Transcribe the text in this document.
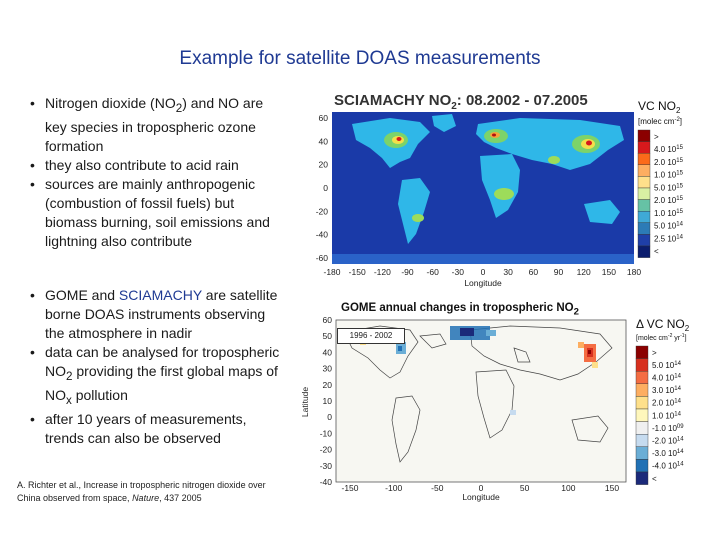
Example for satellite DOAS measurements
• Nitrogen dioxide $(NO_2)$ and NO are key species in tropospheric ozone formation
• they also contribute to acid rain
• sources are mainly anthropogenic (combustion of fossil fuels) but biomass burning, soil emissions and lightning also contribute
• GOME and SCIAMACHY are satellite borne DOAS instruments observing the atmosphere in nadir
• data can be analysed for tropospheric $NO_2$ providing the first global maps of $NO_x$ pollution
• after 10 years of measurements, trends can also be observed
A. Richter et al., Increase in tropospheric nitrogen dioxide over China observed from space, Nature, 437 2005
SCIAMACHY $NO_2$: 08.2002 - 07.2005
60
40
20
0
-20
-40
-60
-180 -150 -120 -90 -60 -30 0 30 60 90 120 150 180
Longitude
VC $NO_2$
[molec $cm^{-2}$]
>
4.0 $10^{15}$
2.0 $10^{15}$
1.0 $10^{15}$
5.0 $10^{15}$
2.0 $10^{15}$
1.0 $10^{15}$
5.0 $10^{14}$
2.5 $10^{14}$
<
GOME annual changes in tropospheric $NO_2$
60
50
40
30
20
10
0
-10
-20
-30
-40
-150	-100	-50	0	50	100	150
Longitude
Latitude
Δ VC $NO_2$
[molec $cm^{-2}$ $yr^{-1}$]
>
5.0 $10^{14}$
4.0 $10^{14}$
3.0 $10^{14}$
2.0 $10^{14}$
1.0 $10^{14}$
-1.0 $10^{09}$
-2.0 $10^{14}$
-3.0 $10^{14}$
-4.0 $10^{14}$
<
1996 - 2002
